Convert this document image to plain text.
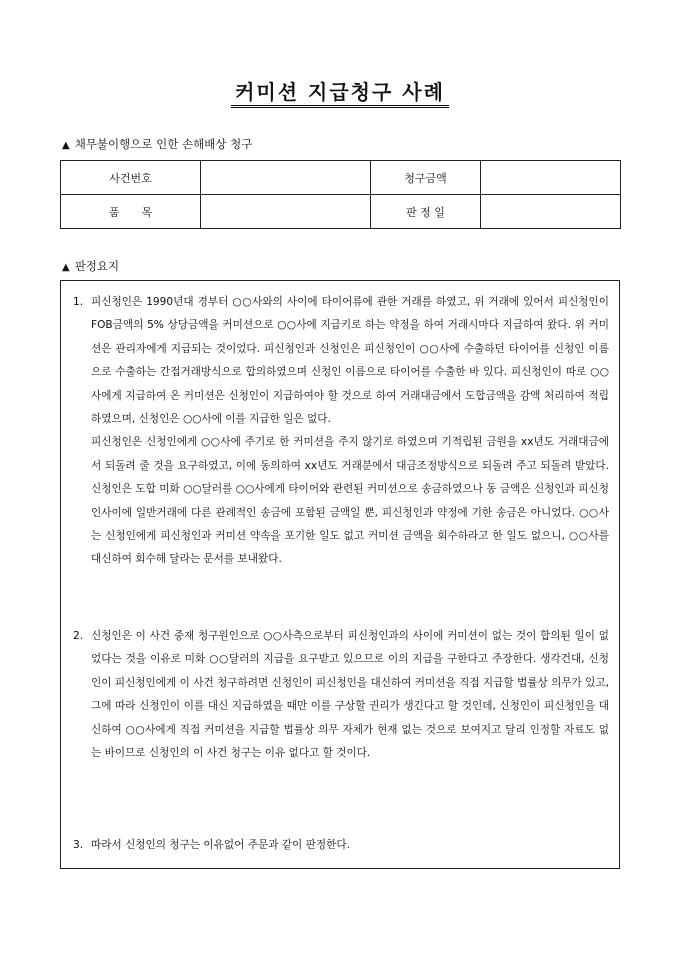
커미션 지급청구 사례
▲ 채무불이행으로 인한 손해배상 청구
사건번호		청구금액	
품　　목		판 정 일	
▲ 판정요지
1. 피신청인은 1990년대 경부터 ○○사와의 사이에 타이어류에 관한 거래를 하였고, 위 거래에 있어서 피신청인이 FOB금액의 5% 상당금액을 커미션으로 ○○사에 지급키로 하는 약정을 하여 거래시마다 지급하여 왔다. 위 커미션은 관리자에게 지급되는 것이었다. 피신청인과 신청인은 피신청인이 ○○사에 수출하던 타이어를 신청인 이름으로 수출하는 간접거래방식으로 합의하였으며 신청인 이름으로 타이어를 수출한 바 있다. 피신청인이 따로 ○○사에게 지급하여 온 커미션은 신청인이 지급하여야 할 것으로 하여 거래대금에서 도합금액을 감액 처리하여 적립하였으며, 신청인은 ○○사에 이를 지급한 일은 없다.

피신청인은 신청인에게 ○○사에 주기로 한 커미션을 주지 않기로 하였으며 기적립된 금원을 xx년도 거래대금에서 되돌려 줄 것을 요구하였고, 이에 동의하여 xx년도 거래분에서 대금조정방식으로 되돌려 주고 되돌려 받았다. 신청인은 도합 미화 ○○달러를 ○○사에게 타이어와 관련된 커미션으로 송금하였으나 동 금액은 신청인과 피신청인사이에 일반거래에 다른 관례적인 송금에 포함된 금액일 뿐, 피신청인과 약정에 기한 송금은 아니었다. ○○사는 신청인에게 피신청인과 커미션 약속을 포기한 일도 없고 커미션 금액을 회수하라고 한 일도 없으니, ○○사를 대신하여 회수해 달라는 문서를 보내왔다.

2. 신청인은 이 사건 중재 청구원인으로 ○○사측으로부터 피신청인과의 사이에 커미션이 없는 것이 합의된 일이 없었다는 것을 이유로 미화 ○○달러의 지급을 요구받고 있으므로 이의 지급을 구한다고 주장한다. 생각건대, 신청인이 피신청인에게 이 사건 청구하려면 신청인이 피신청인을 대신하여 커미션을 직접 지급할 법률상 의무가 있고, 그에 따라 신청인이 이를 대신 지급하였을 때만 이를 구상할 권리가 생긴다고 할 것인데, 신청인이 피신청인을 대신하여 ○○사에게 직접 커미션을 지급할 법률상 의무 자체가 현재 없는 것으로 보여지고 달리 인정할 자료도 없는 바이므로 신청인의 이 사건 청구는 이유 없다고 할 것이다.

3. 따라서 신청인의 청구는 이유없어 주문과 같이 판정한다.
